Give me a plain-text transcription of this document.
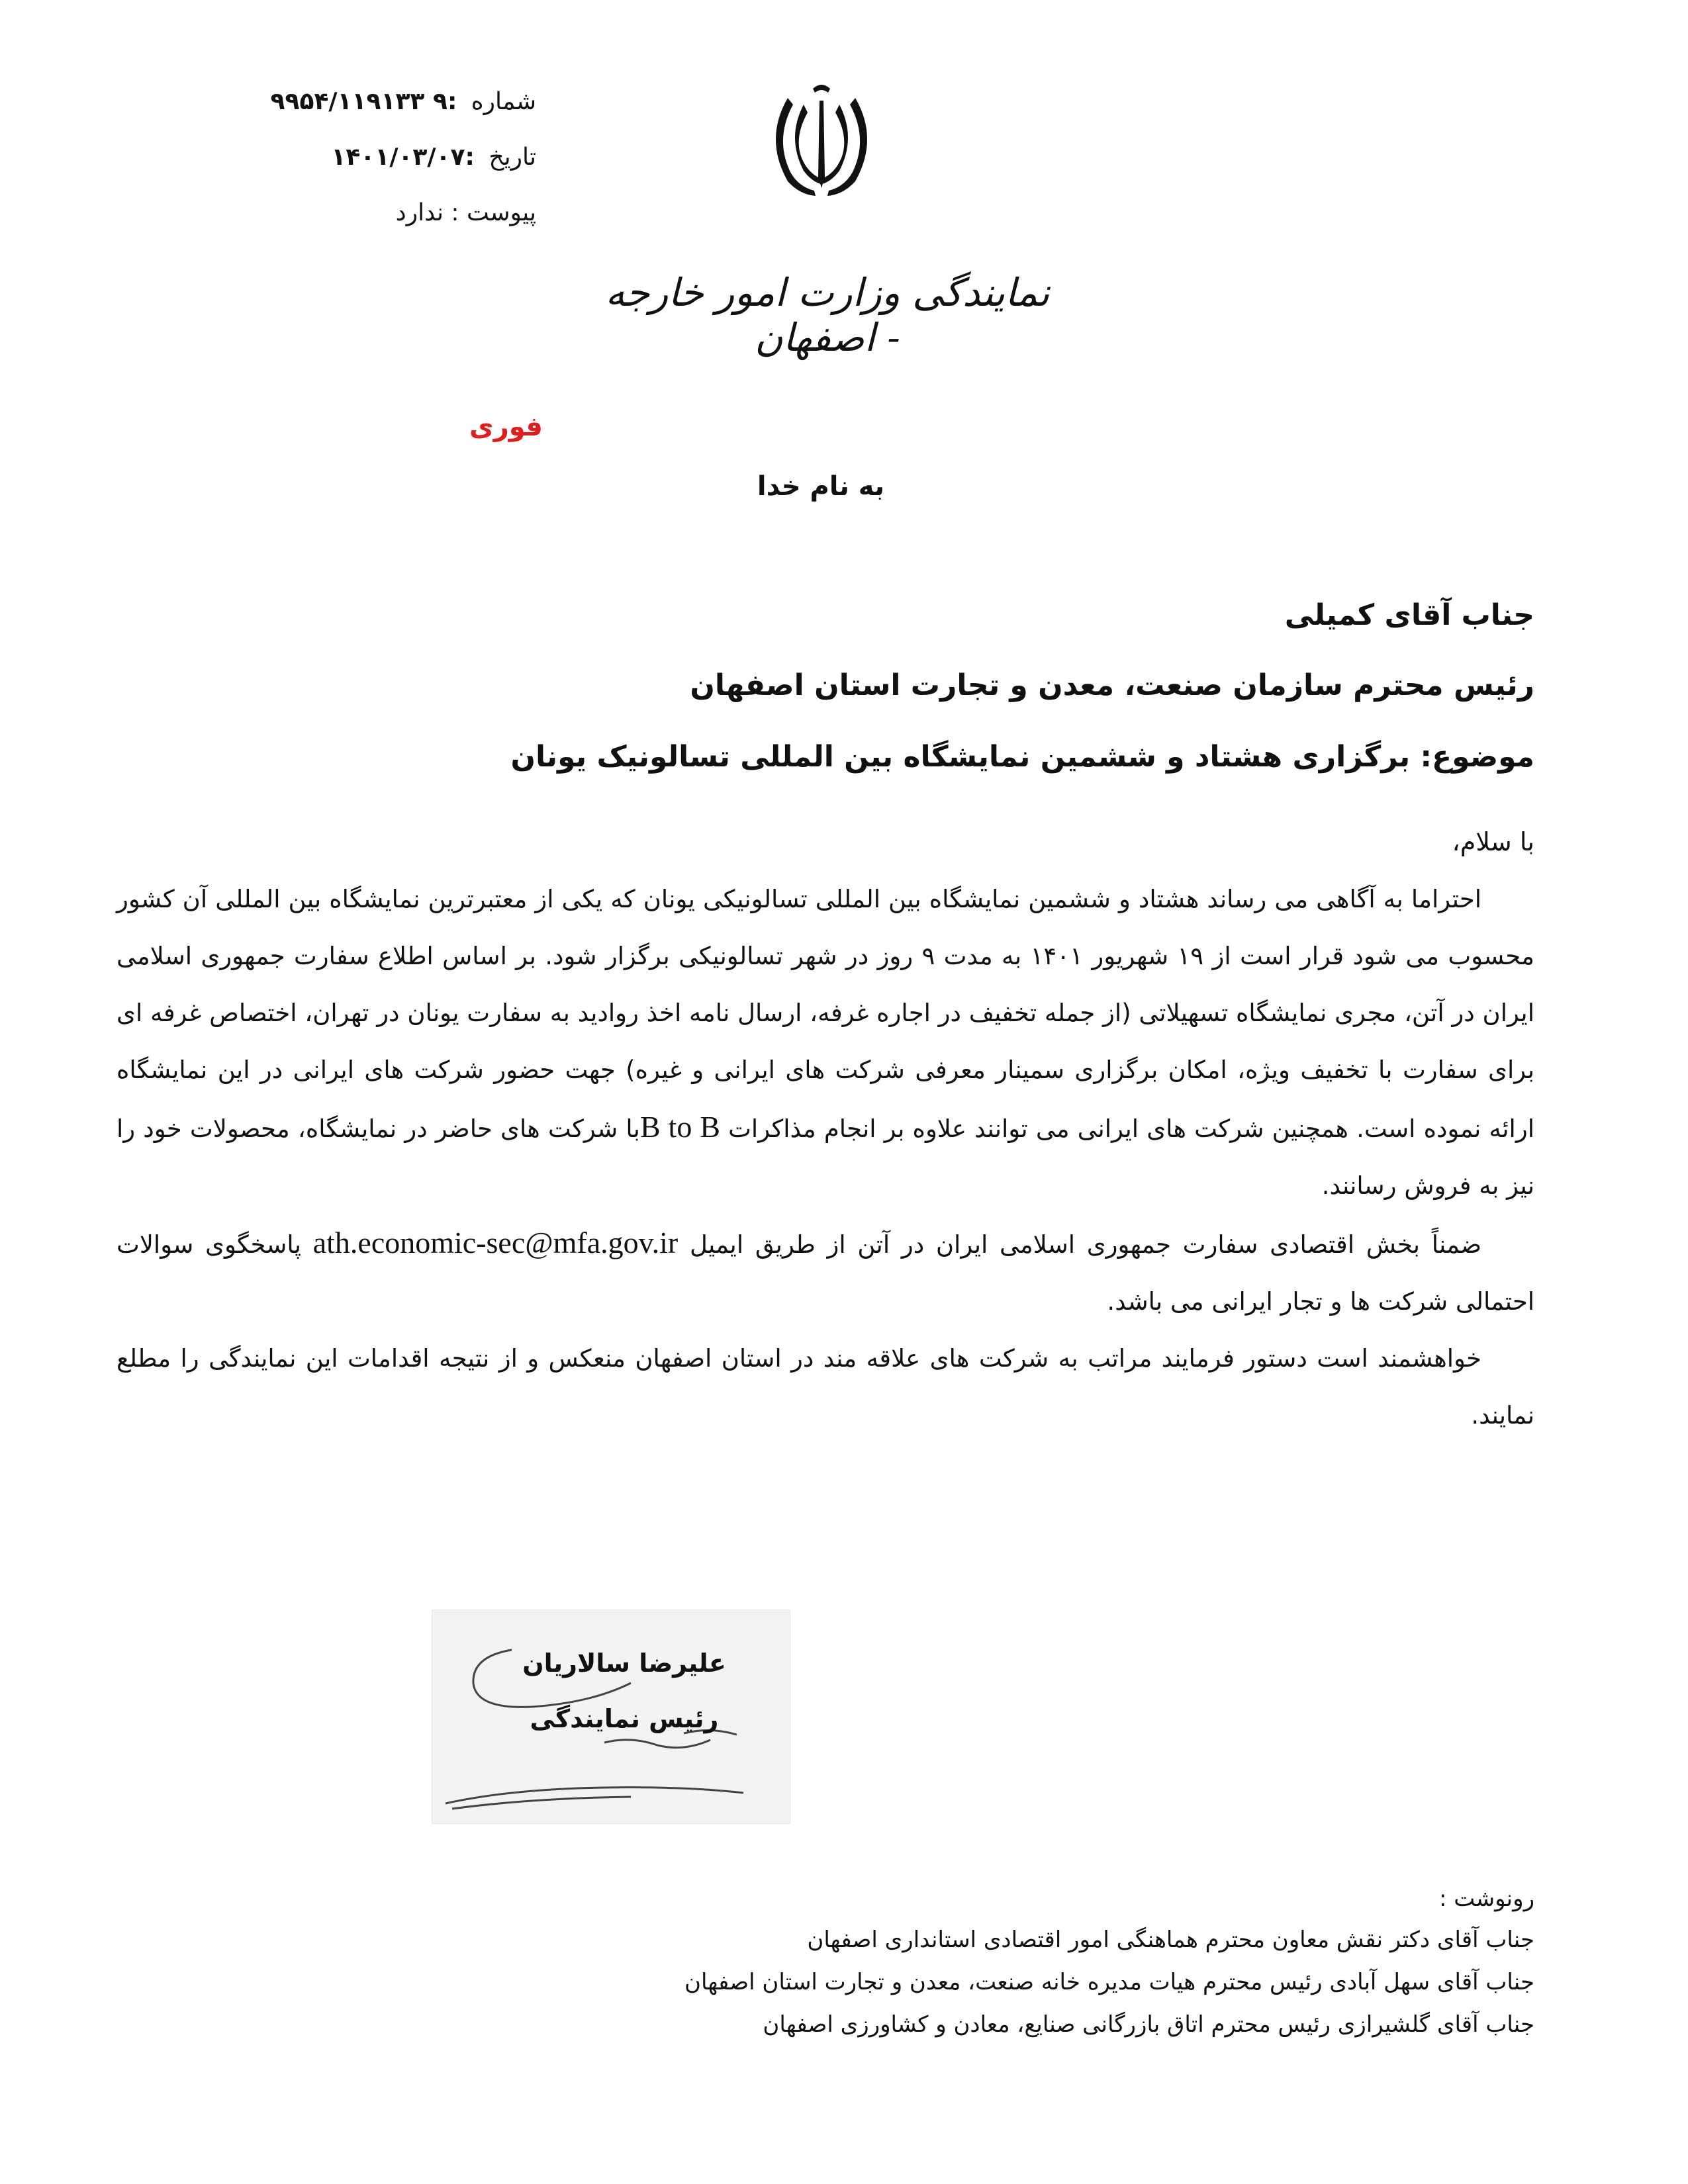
شماره :۹ ۹۹۵۴/۱۱۹۱۳۳
تاریخ :۱۴۰۱/۰۳/۰۷
پیوست : ندارد
نمایندگی وزارت امور خارجه - اصفهان
فوری
به نام خدا
جناب آقای کمیلی
رئیس محترم سازمان صنعت، معدن و تجارت استان اصفهان
موضوع: برگزاری هشتاد و ششمین نمایشگاه بین المللی تسالونیک یونان
با سلام،

احتراما به آگاهی می رساند هشتاد و ششمین نمایشگاه بین المللی تسالونیکی یونان که یکی از معتبرترین نمایشگاه بین المللی آن کشور محسوب می شود قرار است از ۱۹ شهریور ۱۴۰۱ به مدت ۹ روز در شهر تسالونیکی برگزار شود. بر اساس اطلاع سفارت جمهوری اسلامی ایران در آتن، مجری نمایشگاه تسهیلاتی (از جمله تخفیف در اجاره غرفه، ارسال نامه اخذ روادید به سفارت یونان در تهران، اختصاص غرفه ای برای سفارت با تخفیف ویژه، امکان برگزاری سمینار معرفی شرکت های ایرانی و غیره) جهت حضور شرکت های ایرانی در این نمایشگاه ارائه نموده است. همچنین شرکت های ایرانی می توانند علاوه بر انجام مذاکرات B to Bبا شرکت های حاضر در نمایشگاه، محصولات خود را نیز به فروش رسانند.

ضمناً بخش اقتصادی سفارت جمهوری اسلامی ایران در آتن از طریق ایمیل ath.economic-sec@mfa.gov.ir پاسخگوی سوالات احتمالی شرکت ها و تجار ایرانی می باشد.

خواهشمند است دستور فرمایند مراتب به شرکت های علاقه مند در استان اصفهان منعکس و از نتیجه اقدامات این نمایندگی را مطلع نمایند.

علیرضا سالاریان
رئیس نمایندگی
رونوشت :
جناب آقای دکتر نقش معاون محترم هماهنگی امور اقتصادی استانداری اصفهان
جناب آقای سهل آبادی رئیس محترم هیات مدیره خانه صنعت، معدن و تجارت استان اصفهان
جناب آقای گلشیرازی رئیس محترم اتاق بازرگانی صنایع، معادن و کشاورزی اصفهان
